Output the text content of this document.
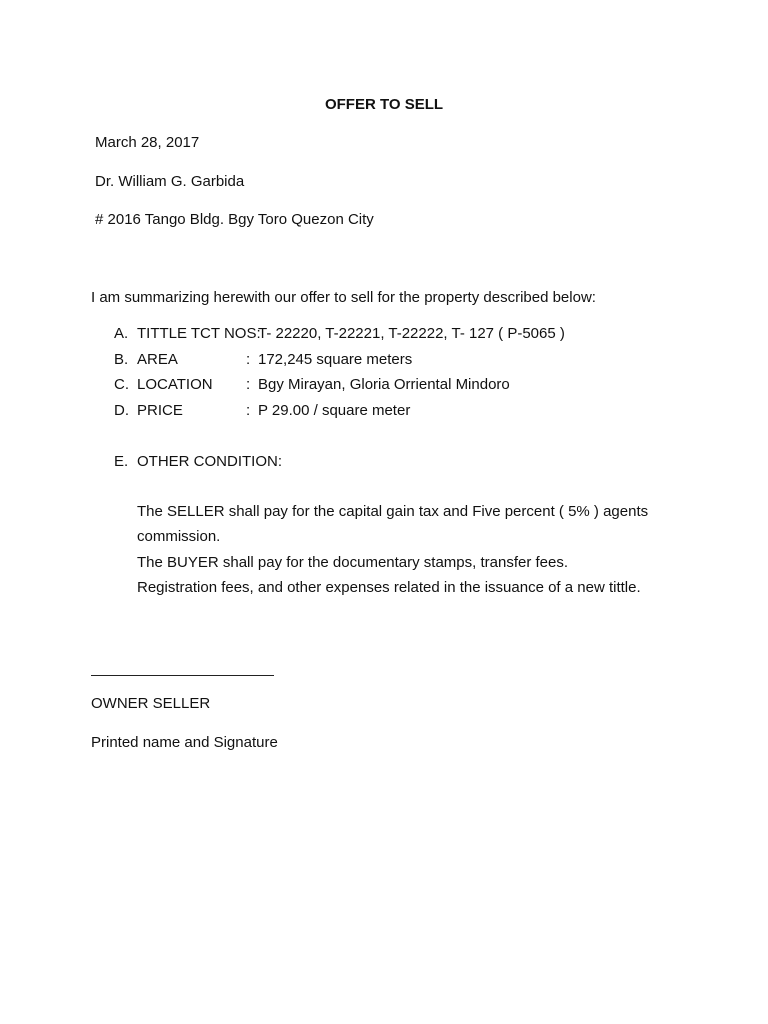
OFFER TO SELL
March 28, 2017
Dr. William G. Garbida
# 2016 Tango Bldg. Bgy Toro Quezon City
I am summarizing herewith our offer to sell for the property described below:
A. TITTLE TCT NOS:
T- 22220, T-22221, T-22222, T- 127 ( P-5065 )
B. AREA	: 172,245 square meters
C. LOCATION : Bgy Mirayan, Gloria Orriental Mindoro
D. PRICE	: P 29.00 / square meter
E. OTHER CONDITION:
The SELLER shall pay for the capital gain tax and Five percent ( 5% ) agents
commission.
The BUYER shall pay for the documentary stamps, transfer fees.
Registration fees, and other expenses related in the issuance of a new tittle.
OWNER SELLER
Printed name and Signature
